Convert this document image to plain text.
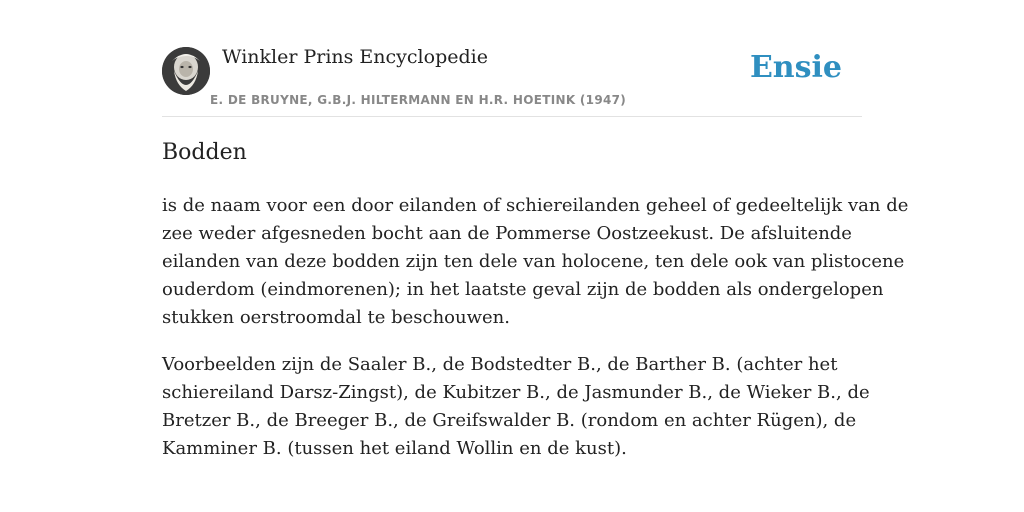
Winkler Prins Encyclopedie
E. DE BRUYNE, G.B.J. HILTERMANN EN H.R. HOETINK (1947)
Ensie
Bodden

is de naam voor een door eilanden of schiereilanden geheel of gedeeltelijk van de
zee weder afgesneden bocht aan de Pommerse Oostzeekust. De afsluitende
eilanden van deze bodden zijn ten dele van holocene, ten dele ook van plistocene
ouderdom (eindmorenen); in het laatste geval zijn de bodden als ondergelopen
stukken oerstroomdal te beschouwen.

Voorbeelden zijn de Saaler B., de Bodstedter B., de Barther B. (achter het
schiereiland Darsz-Zingst), de Kubitzer B., de Jasmunder B., de Wieker B., de
Bretzer B., de Breeger B., de Greifswalder B. (rondom en achter Rügen), de
Kamminer B. (tussen het eiland Wollin en de kust).
